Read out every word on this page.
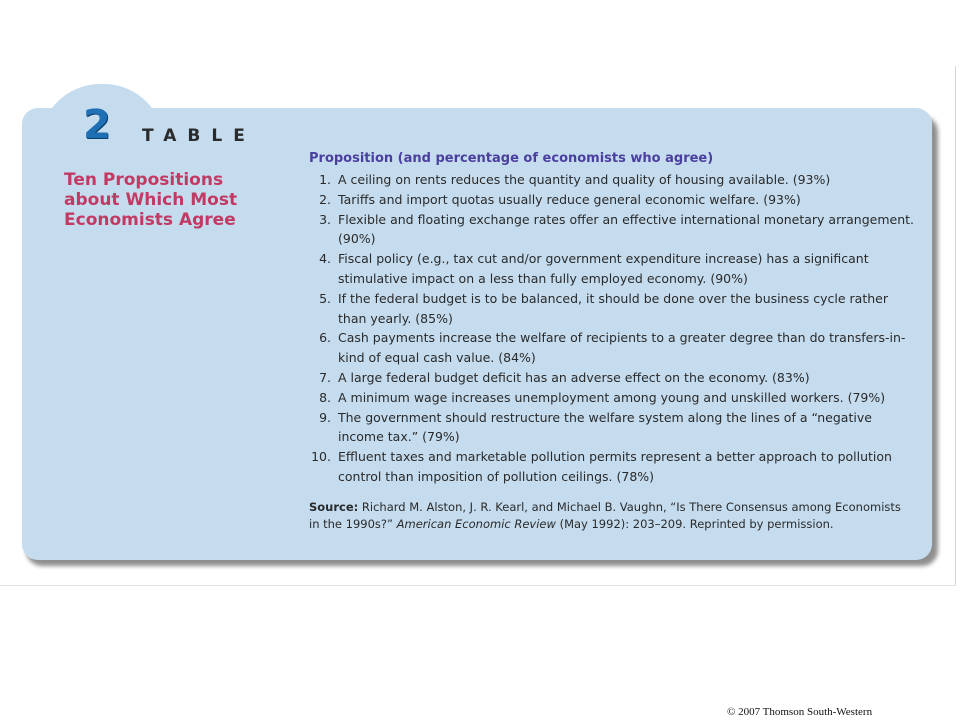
2 TABLE
Ten Propositions about Which Most Economists Agree
Proposition (and percentage of economists who agree)
1. A ceiling on rents reduces the quantity and quality of housing available. (93%)
2. Tariffs and import quotas usually reduce general economic welfare. (93%)
3. Flexible and floating exchange rates offer an effective international monetary arrangement. (90%)
4. Fiscal policy (e.g., tax cut and/or government expenditure increase) has a significant stimulative impact on a less than fully employed economy. (90%)
5. If the federal budget is to be balanced, it should be done over the business cycle rather than yearly. (85%)
6. Cash payments increase the welfare of recipients to a greater degree than do transfers-in-kind of equal cash value. (84%)
7. A large federal budget deficit has an adverse effect on the economy. (83%)
8. A minimum wage increases unemployment among young and unskilled workers. (79%)
9. The government should restructure the welfare system along the lines of a “negative income tax.” (79%)
10. Effluent taxes and marketable pollution permits represent a better approach to pollution control than imposition of pollution ceilings. (78%)

Source: Richard M. Alston, J. R. Kearl, and Michael B. Vaughn, “Is There Consensus among Economists in the 1990s?” American Economic Review (May 1992): 203–209. Reprinted by permission.

© 2007 Thomson South-Western
